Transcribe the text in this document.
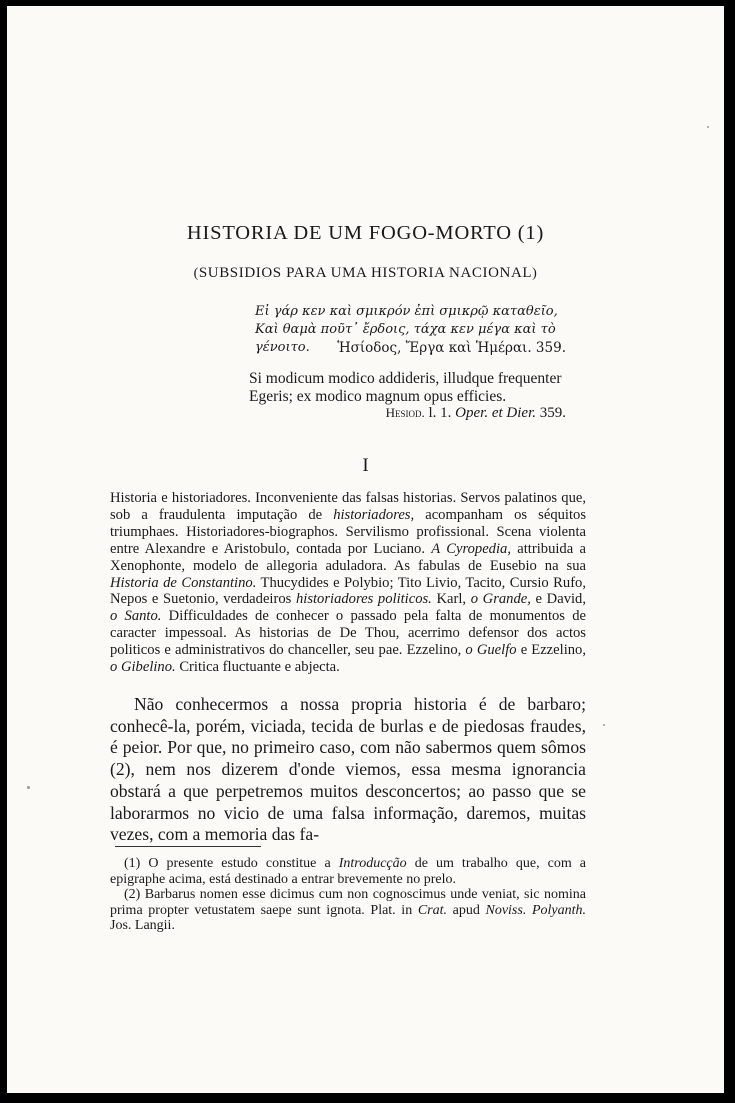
HISTORIA DE UM FOGO-MORTO (1)
(SUBSIDIOS PARA UMA HISTORIA NACIONAL)
Εἰ γάρ κεν καὶ σμικρόν ἐπὶ σμικρῷ καταθεῖο,
Καὶ θαμὰ ποῦτ᾽ ἔρδοις, τάχα κεν μέγα καὶ τὸ γένοιτο.	Ἡσίοδος, Ἔργα καὶ Ἡμέραι. 359.
Si modicum modico addideris, illudque frequenter
Egeris; ex modico magnum opus efficies.
Hesiod. l. 1. Oper. et Dier. 359.
I
Historia e historiadores. Inconveniente das falsas historias. Servos palatinos que, sob a fraudulenta imputação de historiadores, acompanham os séquitos triumphaes. Historiadores-biographos. Servilismo profissional. Scena violenta entre Alexandre e Aristobulo, contada por Luciano. A Cyropedia, attribuida a Xenophonte, modelo de allegoria aduladora. As fabulas de Eusebio na sua Historia de Constantino. Thucydides e Polybio; Tito Livio, Tacito, Cursio Rufo, Nepos e Suetonio, verdadeiros historiadores politicos. Karl, o Grande, e David, o Santo. Difficuldades de conhecer o passado pela falta de monumentos de caracter impessoal. As historias de De Thou, acerrimo defensor dos actos politicos e administrativos do chanceller, seu pae. Ezzelino, o Guelfo e Ezzelino, o Gibelino. Critica fluctuante e abjecta.

Não conhecermos a nossa propria historia é de barbaro; conhecê-la, porém, viciada, tecida de burlas e de piedosas fraudes, é peior. Por que, no primeiro caso, com não sabermos quem sômos (2), nem nos dizerem d'onde viemos, essa mesma ignorancia obstará a que perpetremos muitos desconcertos; ao passo que se laborarmos no vicio de uma falsa informação, daremos, muitas vezes, com a memoria das fa-

(1) O presente estudo constitue a Introducção de um trabalho que, com a epigraphe acima, está destinado a entrar brevemente no prelo.

(2) Barbarus nomen esse dicimus cum non cognoscimus unde veniat, sic nomina prima propter vetustatem saepe sunt ignota. Plat. in Crat. apud Noviss. Polyanth. Jos. Langii.
